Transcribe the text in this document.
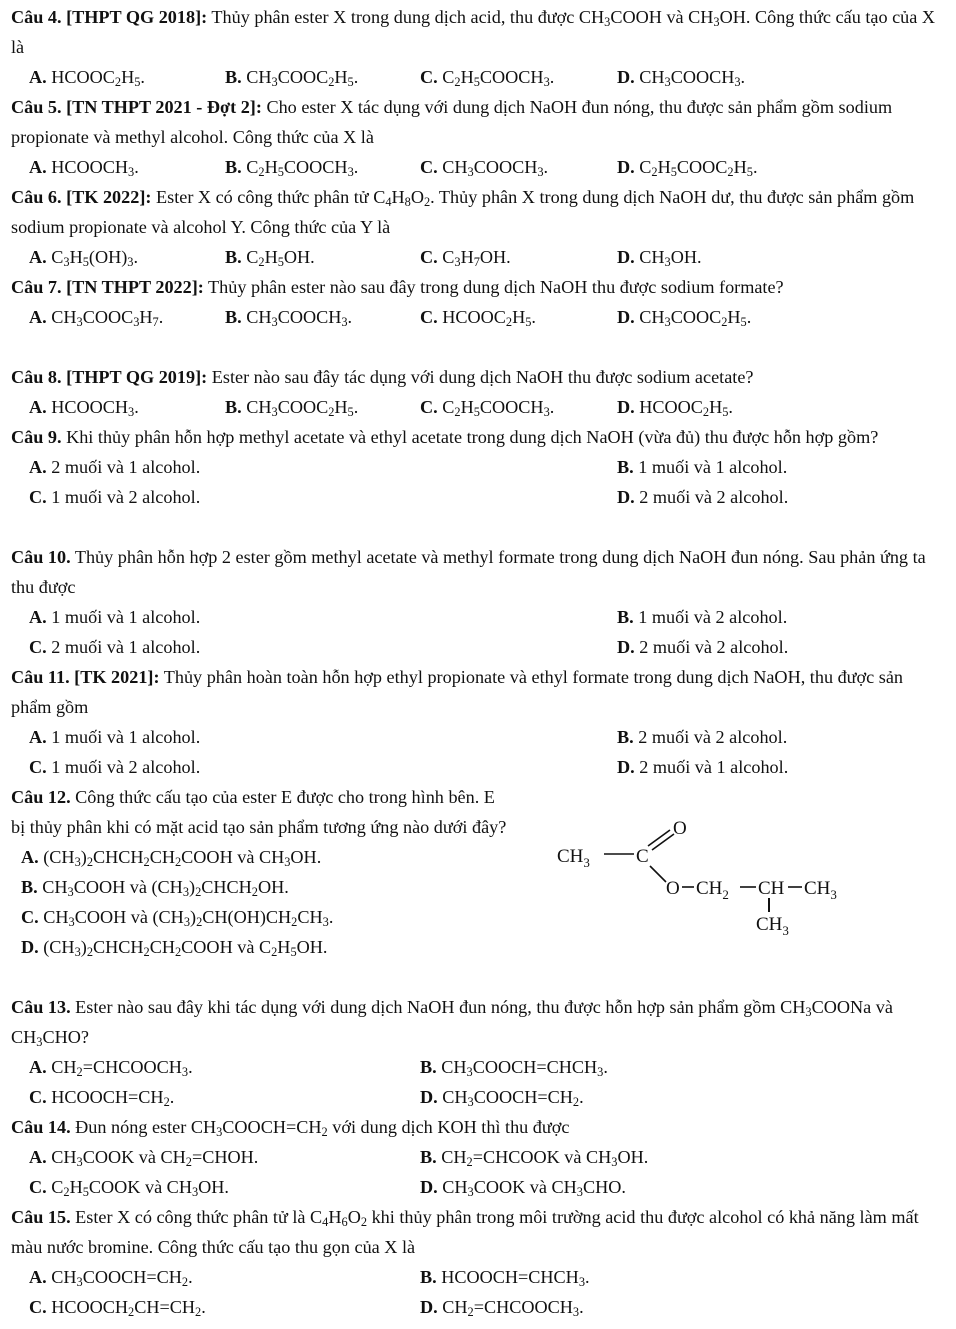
Câu 4. [THPT QG 2018]: Thủy phân ester X trong dung dịch acid, thu được $CH_3COOH$ và $CH_3OH$. Công thức cấu tạo của X là

A. $HCOOC_2H_5$.	B. $CH_3COOC_2H_5$.	C. $C_2H_5COOCH_3$.	D. $CH_3COOCH_3$.

Câu 5. [TN THPT 2021 - Đợt 2]: Cho ester X tác dụng với dung dịch NaOH đun nóng, thu được sản phẩm gồm sodium propionate và methyl alcohol. Công thức của X là

A. $HCOOCH_3$.	B. $C_2H_5COOCH_3$.	C. $CH_3COOCH_3$.	D. $C_2H_5COOC_2H_5$.

Câu 6. [TK 2022]: Ester X có công thức phân tử $C_4H_8O_2$. Thủy phân X trong dung dịch NaOH dư, thu được sản phẩm gồm sodium propionate và alcohol Y. Công thức của Y là

A. $C_3H_5(OH)_3$.	B. $C_2H_5OH$.	C. $C_3H_7OH$.	D. $CH_3OH$.

Câu 7. [TN THPT 2022]: Thủy phân ester nào sau đây trong dung dịch NaOH thu được sodium formate?

A. $CH_3COOC_3H_7$.	B. $CH_3COOCH_3$.	C. $HCOOC_2H_5$.	D. $CH_3COOC_2H_5$.

Câu 8. [THPT QG 2019]: Ester nào sau đây tác dụng với dung dịch NaOH thu được sodium acetate?

A. $HCOOCH_3$.	B. $CH_3COOC_2H_5$.	C. $C_2H_5COOCH_3$.	D. $HCOOC_2H_5$.

Câu 9. Khi thủy phân hỗn hợp methyl acetate và ethyl acetate trong dung dịch NaOH (vừa đủ) thu được hỗn hợp gồm?

A. 2 muối và 1 alcohol.	B. 1 muối và 1 alcohol.
C. 1 muối và 2 alcohol.	D. 2 muối và 2 alcohol.

Câu 10. Thủy phân hỗn hợp 2 ester gồm methyl acetate và methyl formate trong dung dịch NaOH đun nóng. Sau phản ứng ta thu được

A. 1 muối và 1 alcohol.	B. 1 muối và 2 alcohol.
C. 2 muối và 1 alcohol.	D. 2 muối và 2 alcohol.

Câu 11. [TK 2021]: Thủy phân hoàn toàn hỗn hợp ethyl propionate và ethyl formate trong dung dịch NaOH, thu được sản phẩm gồm

A. 1 muối và 1 alcohol.	B. 2 muối và 2 alcohol.
C. 1 muối và 2 alcohol.	D. 2 muối và 1 alcohol.

Câu 12. Công thức cấu tạo của ester E được cho trong hình bên. E bị thủy phân khi có mặt acid tạo sản phẩm tương ứng nào dưới đây?

A. $(CH_3)_2CHCH_2CH_2COOH$ và $CH_3OH$.
B. $CH_3COOH$ và $(CH_3)_2CHCH_2OH$.
C. $CH_3COOH$ và $(CH_3)_2CH(OH)CH_2CH_3$.
D. $(CH_3)_2CHCH_2CH_2COOH$ và $C_2H_5OH$.

Câu 13. Ester nào sau đây khi tác dụng với dung dịch NaOH đun nóng, thu được hỗn hợp sản phẩm gồm $CH_3COONa$ và $CH_3CHO$?

A. $CH_2=CHCOOCH_3$.	B. $CH_3COOCH=CHCH_3$.
C. $HCOOCH=CH_2$.	D. $CH_3COOCH=CH_2$.

Câu 14. Đun nóng ester $CH_3COOCH=CH_2$ với dung dịch KOH thì thu được

A. $CH_3COOK$ và $CH_2=CHOH$.	B. $CH_2=CHCOOK$ và $CH_3OH$.
C. $C_2H_5COOK$ và $CH_3OH$.	D. $CH_3COOK$ và $CH_3CHO$.

Câu 15. Ester X có công thức phân tử là $C_4H_6O_2$ khi thủy phân trong môi trường acid thu được alcohol có khả năng làm mất màu nước bromine. Công thức cấu tạo thu gọn của X là

A. $CH_3COOCH=CH_2$.	B. $HCOOCH=CHCH_3$.
C. $HCOOCH_2CH=CH_2$.	D. $CH_2=CHCOOCH_3$.
$CH_3$ C
O
O $CH_2$ CH $CH_3$
$CH_3$
